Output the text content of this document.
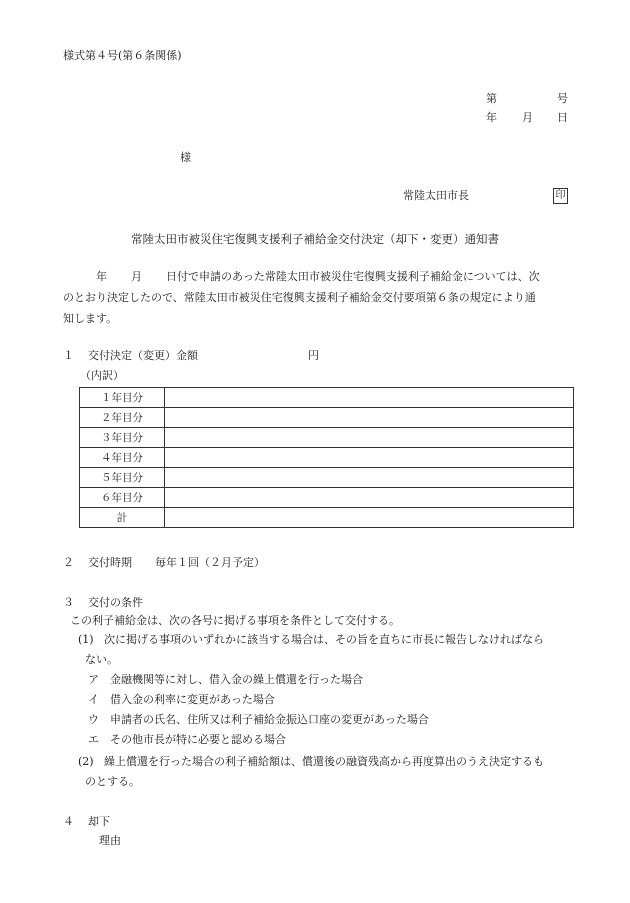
様式第４号(第６条関係)
第	号
年 月 日
様
常陸太田市長	印
常陸太田市被災住宅復興支援利子補給金交付決定（却下・変更）通知書
年 月 日付で申請のあった常陸太田市被災住宅復興支援利子補給金については、次
のとおり決定したので、常陸太田市被災住宅復興支援利子補給金交付要項第６条の規定により通
知します。
１ 交付決定（変更）金額	円
（内訳）
１年目分	
２年目分	
３年目分	
４年目分	
５年目分	
６年目分	
計	
２ 交付時期 毎年１回（２月予定）
３ 交付の条件
この利子補給金は、次の各号に掲げる事項を条件として交付する。
(1) 次に掲げる事項のいずれかに該当する場合は、その旨を直ちに市長に報告しなければなら
ない。
ア 金融機関等に対し、借入金の繰上償還を行った場合
イ 借入金の利率に変更があった場合
ウ 申請者の氏名、住所又は利子補給金振込口座の変更があった場合
エ その他市長が特に必要と認める場合
(2) 繰上償還を行った場合の利子補給額は、償還後の融資残高から再度算出のうえ決定するも
のとする。
４ 却下
理由
